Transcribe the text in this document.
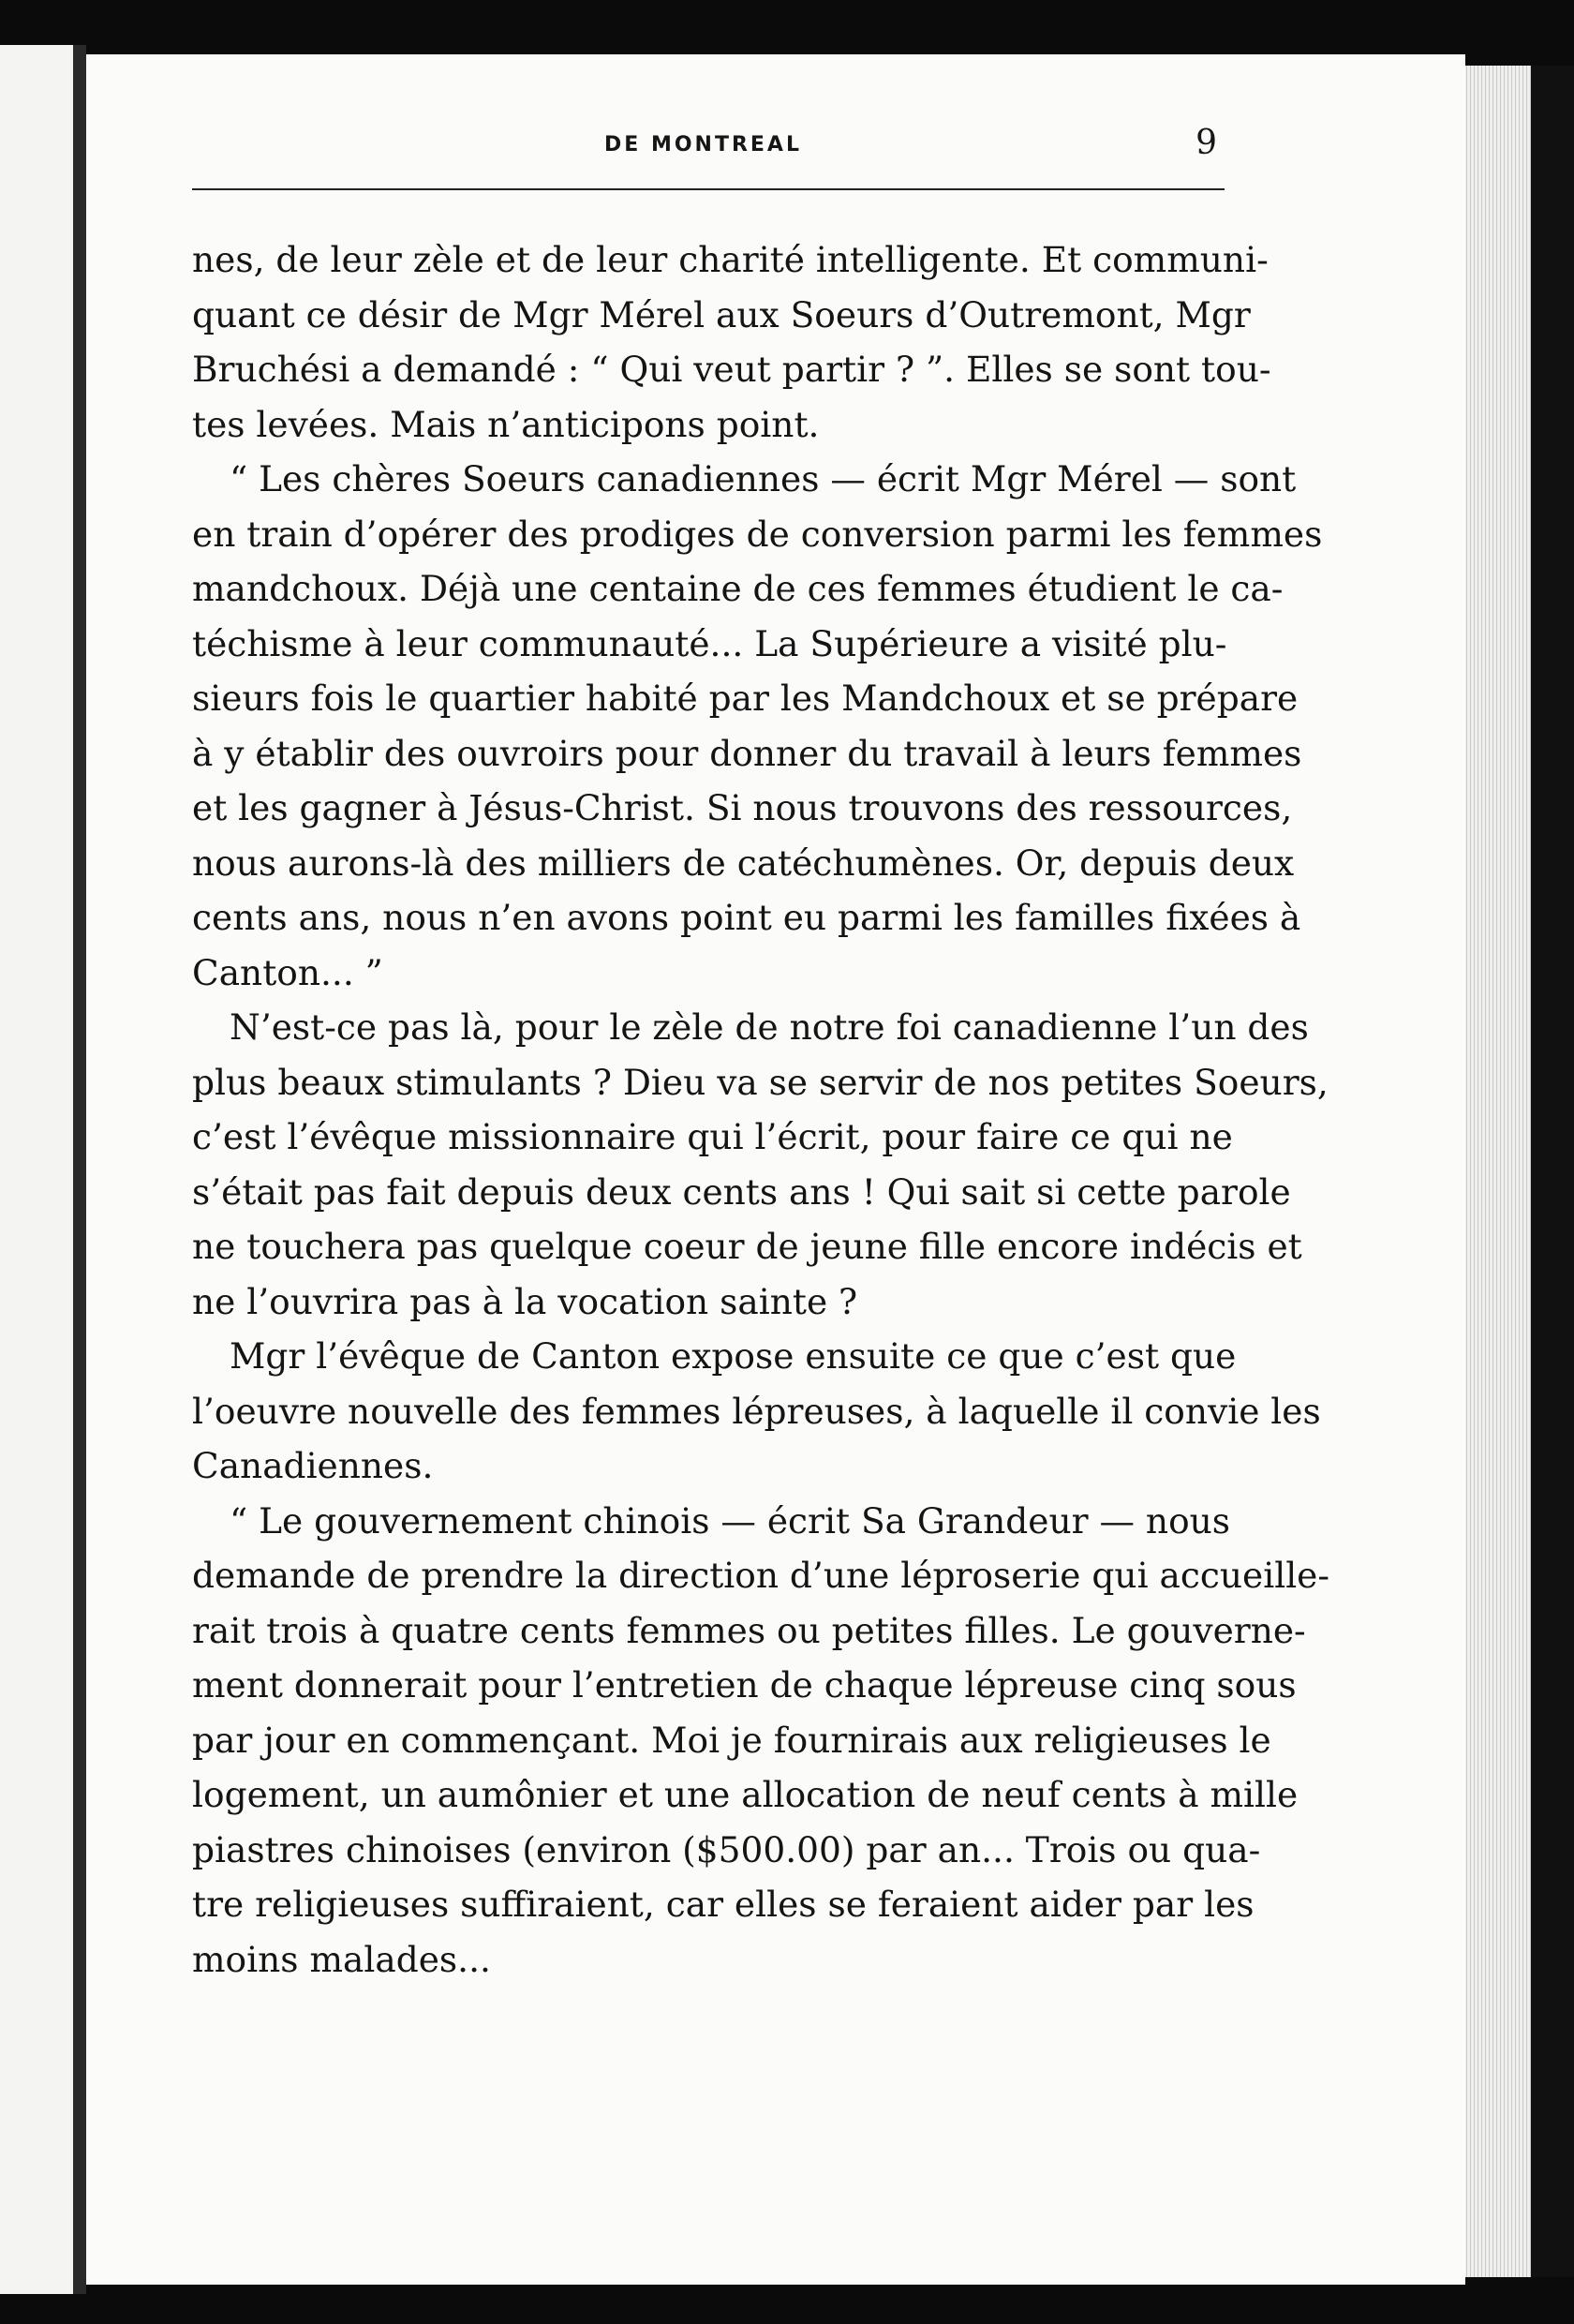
DE MONTREAL	9
nes, de leur zèle et de leur charité intelligente. Et communi-
quant ce désir de Mgr Mérel aux Soeurs d’Outremont, Mgr
Bruchési a demandé : “ Qui veut partir ? ”. Elles se sont tou-
tes levées. Mais n’anticipons point.
“ Les chères Soeurs canadiennes — écrit Mgr Mérel — sont
en train d’opérer des prodiges de conversion parmi les femmes
mandchoux. Déjà une centaine de ces femmes étudient le ca-
téchisme à leur communauté... La Supérieure a visité plu-
sieurs fois le quartier habité par les Mandchoux et se prépare
à y établir des ouvroirs pour donner du travail à leurs femmes
et les gagner à Jésus-Christ. Si nous trouvons des ressources,
nous aurons-là des milliers de catéchumènes. Or, depuis deux
cents ans, nous n’en avons point eu parmi les familles fixées à
Canton... ”
N’est-ce pas là, pour le zèle de notre foi canadienne l’un des
plus beaux stimulants ? Dieu va se servir de nos petites Soeurs,
c’est l’évêque missionnaire qui l’écrit, pour faire ce qui ne
s’était pas fait depuis deux cents ans ! Qui sait si cette parole
ne touchera pas quelque coeur de jeune fille encore indécis et
ne l’ouvrira pas à la vocation sainte ?
Mgr l’évêque de Canton expose ensuite ce que c’est que
l’oeuvre nouvelle des femmes lépreuses, à laquelle il convie les
Canadiennes.
“ Le gouvernement chinois — écrit Sa Grandeur — nous
demande de prendre la direction d’une léproserie qui accueille-
rait trois à quatre cents femmes ou petites filles. Le gouverne-
ment donnerait pour l’entretien de chaque lépreuse cinq sous
par jour en commençant. Moi je fournirais aux religieuses le
logement, un aumônier et une allocation de neuf cents à mille
piastres chinoises (environ ($500.00) par an... Trois ou qua-
tre religieuses suffiraient, car elles se feraient aider par les
moins malades...
